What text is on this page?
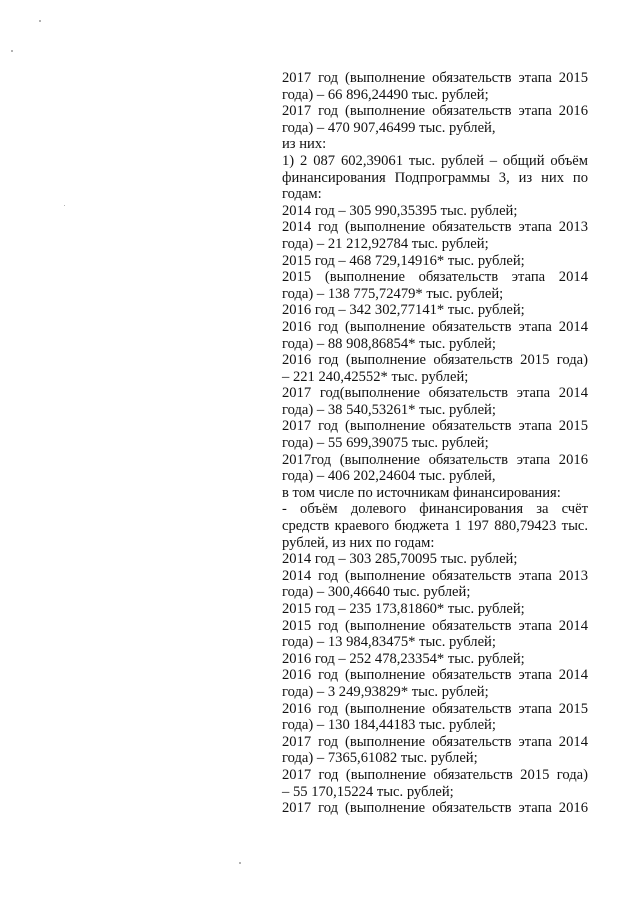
2017 год (выполнение обязательств этапа 2015
года) – 66 896,24490 тыс. рублей;
2017 год (выполнение обязательств этапа 2016
года) – 470 907,46499 тыс. рублей,
из них:
1) 2 087 602,39061 тыс. рублей – общий объём
финансирования Подпрограммы 3, из них по
годам:
2014 год – 305 990,35395 тыс. рублей;
2014 год (выполнение обязательств этапа 2013
года) – 21 212,92784 тыс. рублей;
2015 год – 468 729,14916* тыс. рублей;
2015 (выполнение обязательств этапа 2014
года) – 138 775,72479* тыс. рублей;
2016 год – 342 302,77141* тыс. рублей;
2016 год (выполнение обязательств этапа 2014
года) – 88 908,86854* тыс. рублей;
2016 год (выполнение обязательств 2015 года)
– 221 240,42552* тыс. рублей;
2017 год(выполнение обязательств этапа 2014
года) – 38 540,53261* тыс. рублей;
2017 год (выполнение обязательств этапа 2015
года) – 55 699,39075 тыс. рублей;
2017год (выполнение обязательств этапа 2016
года) – 406 202,24604 тыс. рублей,
в том числе по источникам финансирования:
- объём долевого финансирования за счёт
средств краевого бюджета 1 197 880,79423 тыс.
рублей, из них по годам:
2014 год – 303 285,70095 тыс. рублей;
2014 год (выполнение обязательств этапа 2013
года) – 300,46640 тыс. рублей;
2015 год – 235 173,81860* тыс. рублей;
2015 год (выполнение обязательств этапа 2014
года) – 13 984,83475* тыс. рублей;
2016 год – 252 478,23354* тыс. рублей;
2016 год (выполнение обязательств этапа 2014
года) – 3 249,93829* тыс. рублей;
2016 год (выполнение обязательств этапа 2015
года) – 130 184,44183 тыс. рублей;
2017 год (выполнение обязательств этапа 2014
года) – 7365,61082 тыс. рублей;
2017 год (выполнение обязательств 2015 года)
– 55 170,15224 тыс. рублей;
2017 год (выполнение обязательств этапа 2016
